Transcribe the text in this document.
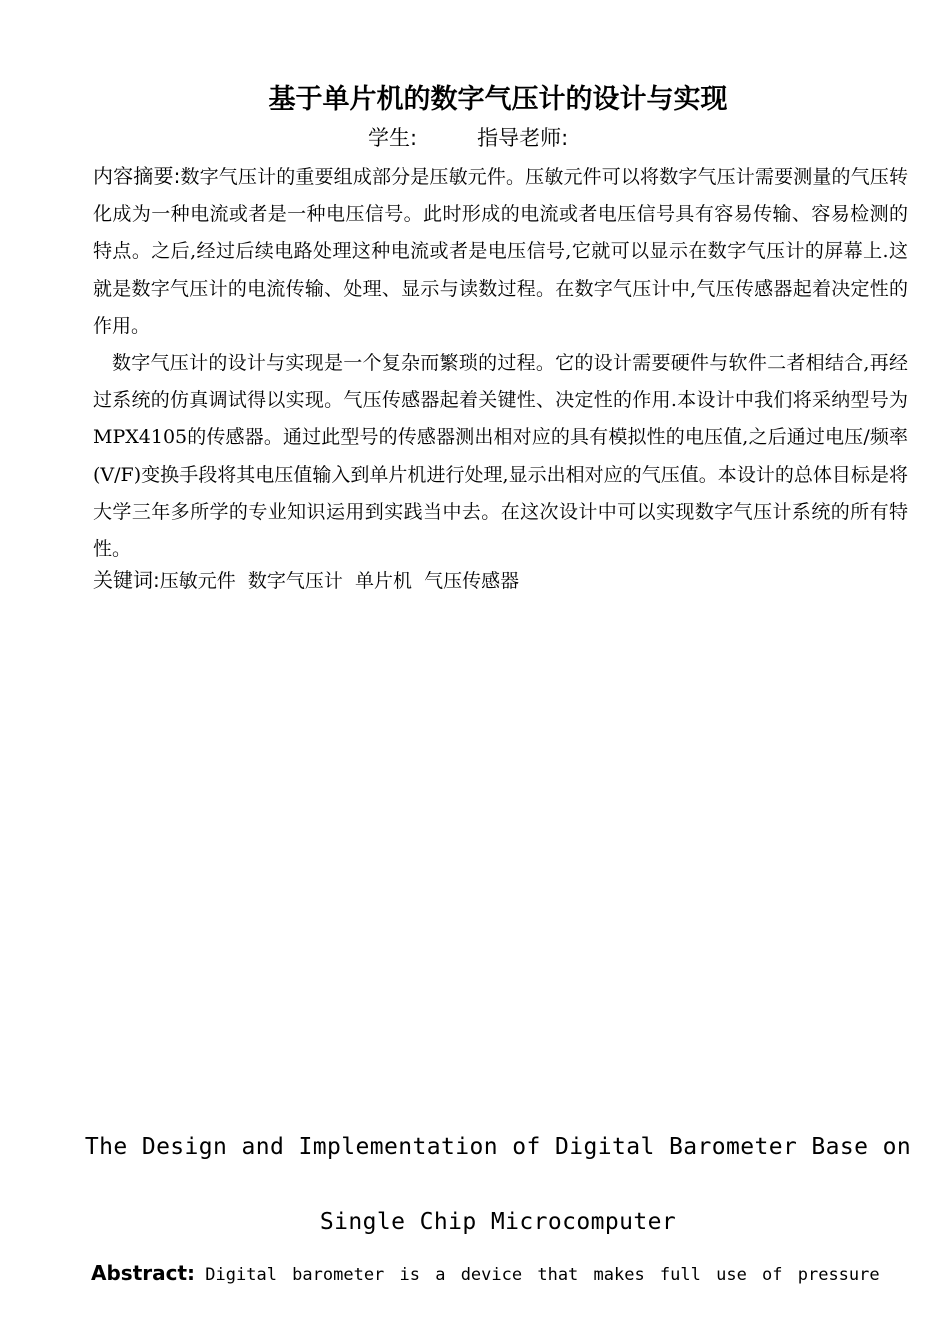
基于单片机的数字气压计的设计与实现
学生:	指导老师:

内容摘要:数字气压计的重要组成部分是压敏元件。压敏元件可以将数字气压计需要测量的气压转化成为一种电流或者是一种电压信号。此时形成的电流或者电压信号具有容易传输、容易检测的特点。之后,经过后续电路处理这种电流或者是电压信号,它就可以显示在数字气压计的屏幕上.这就是数字气压计的电流传输、处理、显示与读数过程。在数字气压计中,气压传感器起着决定性的作用。

数字气压计的设计与实现是一个复杂而繁琐的过程。它的设计需要硬件与软件二者相结合,再经过系统的仿真调试得以实现。气压传感器起着关键性、决定性的作用.本设计中我们将采纳型号为MPX4105的传感器。通过此型号的传感器测出相对应的具有模拟性的电压值,之后通过电压/频率(V/F)变换手段将其电压值输入到单片机进行处理,显示出相对应的气压值。本设计的总体目标是将大学三年多所学的专业知识运用到实践当中去。在这次设计中可以实现数字气压计系统的所有特性。

关键词:压敏元件 数字气压计 单片机 气压传感器
The Design and Implementation of Digital Barometer Base on
Single Chip Microcomputer
Abstract: Digital barometer is a device that makes full use of pressure
